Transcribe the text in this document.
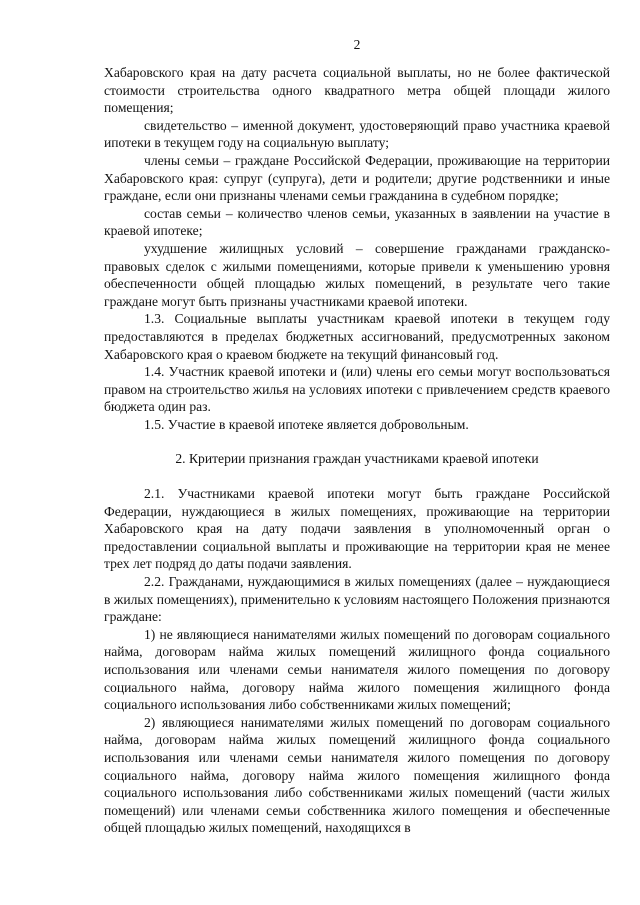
2

Хабаровского края на дату расчета социальной выплаты, но не более фактической стоимости строительства одного квадратного метра общей площади жилого помещения;

свидетельство – именной документ, удостоверяющий право участника краевой ипотеки в текущем году на социальную выплату;

члены семьи – граждане Российской Федерации, проживающие на территории Хабаровского края: супруг (супруга), дети и родители; другие родственники и иные граждане, если они признаны членами семьи гражданина в судебном порядке;

состав семьи – количество членов семьи, указанных в заявлении на участие в краевой ипотеке;

ухудшение жилищных условий – совершение гражданами гражданско-правовых сделок с жилыми помещениями, которые привели к уменьшению уровня обеспеченности общей площадью жилых помещений, в результате чего такие граждане могут быть признаны участниками краевой ипотеки.

1.3. Социальные выплаты участникам краевой ипотеки в текущем году предоставляются в пределах бюджетных ассигнований, предусмотренных законом Хабаровского края о краевом бюджете на текущий финансовый год.

1.4. Участник краевой ипотеки и (или) члены его семьи могут воспользоваться правом на строительство жилья на условиях ипотеки с привлечением средств краевого бюджета один раз.

1.5. Участие в краевой ипотеке является добровольным.

2. Критерии признания граждан участниками краевой ипотеки

2.1. Участниками краевой ипотеки могут быть граждане Российской Федерации, нуждающиеся в жилых помещениях, проживающие на территории Хабаровского края на дату подачи заявления в уполномоченный орган о предоставлении социальной выплаты и проживающие на территории края не менее трех лет подряд до даты подачи заявления.

2.2. Гражданами, нуждающимися в жилых помещениях (далее – нуждающиеся в жилых помещениях), применительно к условиям настоящего Положения признаются граждане:

1) не являющиеся нанимателями жилых помещений по договорам социального найма, договорам найма жилых помещений жилищного фонда социального использования или членами семьи нанимателя жилого помещения по договору социального найма, договору найма жилого помещения жилищного фонда социального использования либо собственниками жилых помещений;

2) являющиеся нанимателями жилых помещений по договорам социального найма, договорам найма жилых помещений жилищного фонда социального использования или членами семьи нанимателя жилого помещения по договору социального найма, договору найма жилого помещения жилищного фонда социального использования либо собственниками жилых помещений (части жилых помещений) или членами семьи собственника жилого помещения и обеспеченные общей площадью жилых помещений, находящихся в
